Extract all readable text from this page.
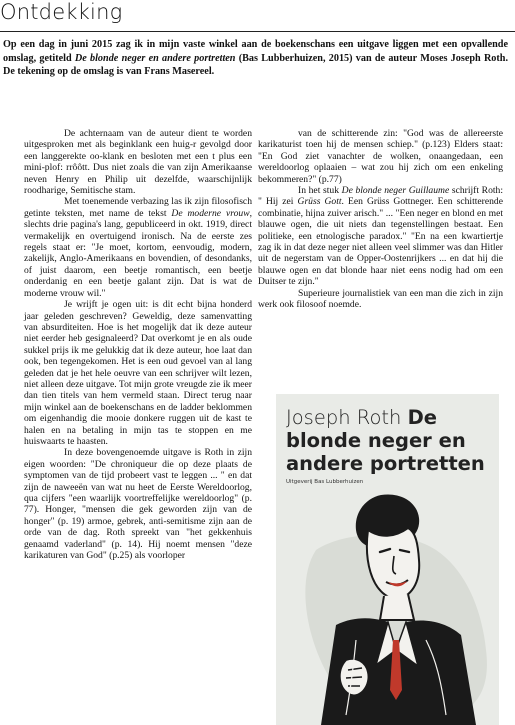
Ontdekking

Op een dag in juni 2015 zag ik in mijn vaste winkel aan de boekenschans een uitgave liggen met een opvallende omslag, getiteld De blonde neger en andere portretten (Bas Lubberhuizen, 2015) van de auteur Moses Joseph Roth. De tekening op de omslag is van Frans Masereel.

De achternaam van de auteur dient te worden uitgesproken met als beginklank een huig-r gevolgd door een langgerekte oo-klank en besloten met een t plus een mini-plof: rrôôtt. Dus niet zoals die van zijn Amerikaanse neven Henry en Philip uit dezelfde, waarschijnlijk roodharige, Semitische stam.

Met toenemende verbazing las ik zijn filosofisch getinte teksten, met name de tekst De moderne vrouw, slechts drie pagina's lang, gepubliceerd in okt. 1919, direct vermakelijk en overtuigend ironisch. Na de eerste zes regels staat er: "Je moet, kortom, eenvoudig, modern, zakelijk, Anglo-Amerikaans en bovendien, of desondanks, of juist daarom, een beetje romantisch, een beetje onderdanig en een beetje galant zijn. Dat is wat de moderne vrouw wil."

Je wrijft je ogen uit: is dit echt bijna honderd jaar geleden geschreven? Geweldig, deze samenvatting van absurditeiten. Hoe is het mogelijk dat ik deze auteur niet eerder heb gesignaleerd? Dat overkomt je en als oude sukkel prijs ik me gelukkig dat ik deze auteur, hoe laat dan ook, ben tegengekomen. Het is een oud gevoel van al lang geleden dat je het hele oeuvre van een schrijver wilt lezen, niet alleen deze uitgave. Tot mijn grote vreugde zie ik meer dan tien titels van hem vermeld staan. Direct terug naar mijn winkel aan de boekenschans en de ladder beklommen om eigenhandig die mooie donkere ruggen uit de kast te halen en na betaling in mijn tas te stoppen en me huiswaarts te haasten.

In deze bovengenoemde uitgave is Roth in zijn eigen woorden: "De chroniqueur die op deze plaats de symptomen van de tijd probeert vast te leggen ... " en dat zijn de naweeën van wat nu heet de Eerste Wereldoorlog, qua cijfers "een waarlijk voortreffelijke wereldoorlog" (p. 77). Honger, "mensen die gek geworden zijn van de honger" (p. 19) armoe, gebrek, anti-semitisme zijn aan de orde van de dag. Roth spreekt van "het gekkenhuis genaamd vaderland" (p. 14). Hij noemt mensen "deze karikaturen van God" (p.25) als voorloper

van de schitterende zin: "God was de allereerste karikaturist toen hij de mensen schiep." (p.123) Elders staat: "En God ziet vanachter de wolken, onaangedaan, een wereldoorlog oplaaien – wat zou hij zich om een enkeling bekommeren?" (p.77)

In het stuk De blonde neger Guillaume schrijft Roth: " Hij zei Grüss Gott. Een Grüss Gottneger. Een schitterende combinatie, hijna zuiver arisch." ... "Een neger en blond en met blauwe ogen, die uit niets dan tegenstellingen bestaat. Een politieke, een etnologische paradox." "En na een kwartiertje zag ik in dat deze neger niet alleen veel slimmer was dan Hitler uit de negerstam van de Opper-Oostenrijkers ... en dat hij die blauwe ogen en dat blonde haar niet eens nodig had om een Duitser te zijn."

Superieure journalistiek van een man die zich in zijn werk ook filosoof noemde.

Joseph Roth De blonde neger en andere portretten

Uitgeverij Bas Lubberhuizen
